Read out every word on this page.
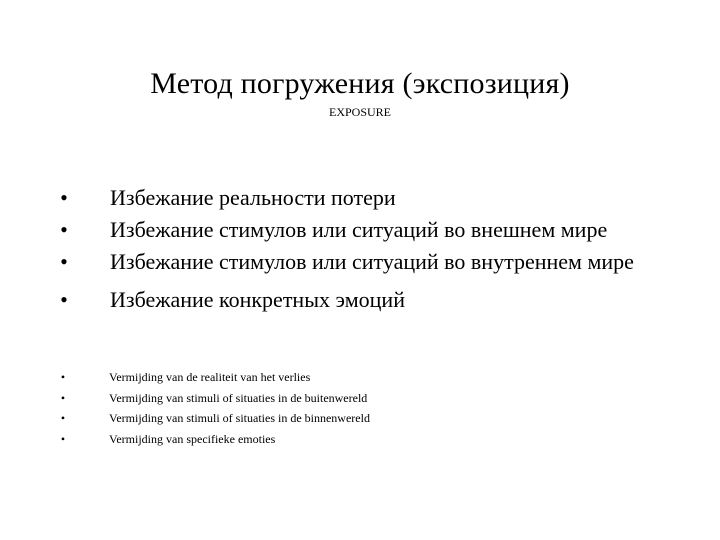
Метод погружения (экспозиция)
EXPOSURE
• Избежание реальности потери
• Избежание стимулов или ситуаций во внешнем мире
• Избежание стимулов или ситуаций во внутреннем мире
• Избежание конкретных эмоций
•	Vermijding van de realiteit van het verlies
•	Vermijding van stimuli of situaties in de buitenwereld
•	Vermijding van stimuli of situaties in de binnenwereld
•	Vermijding van specifieke emoties
